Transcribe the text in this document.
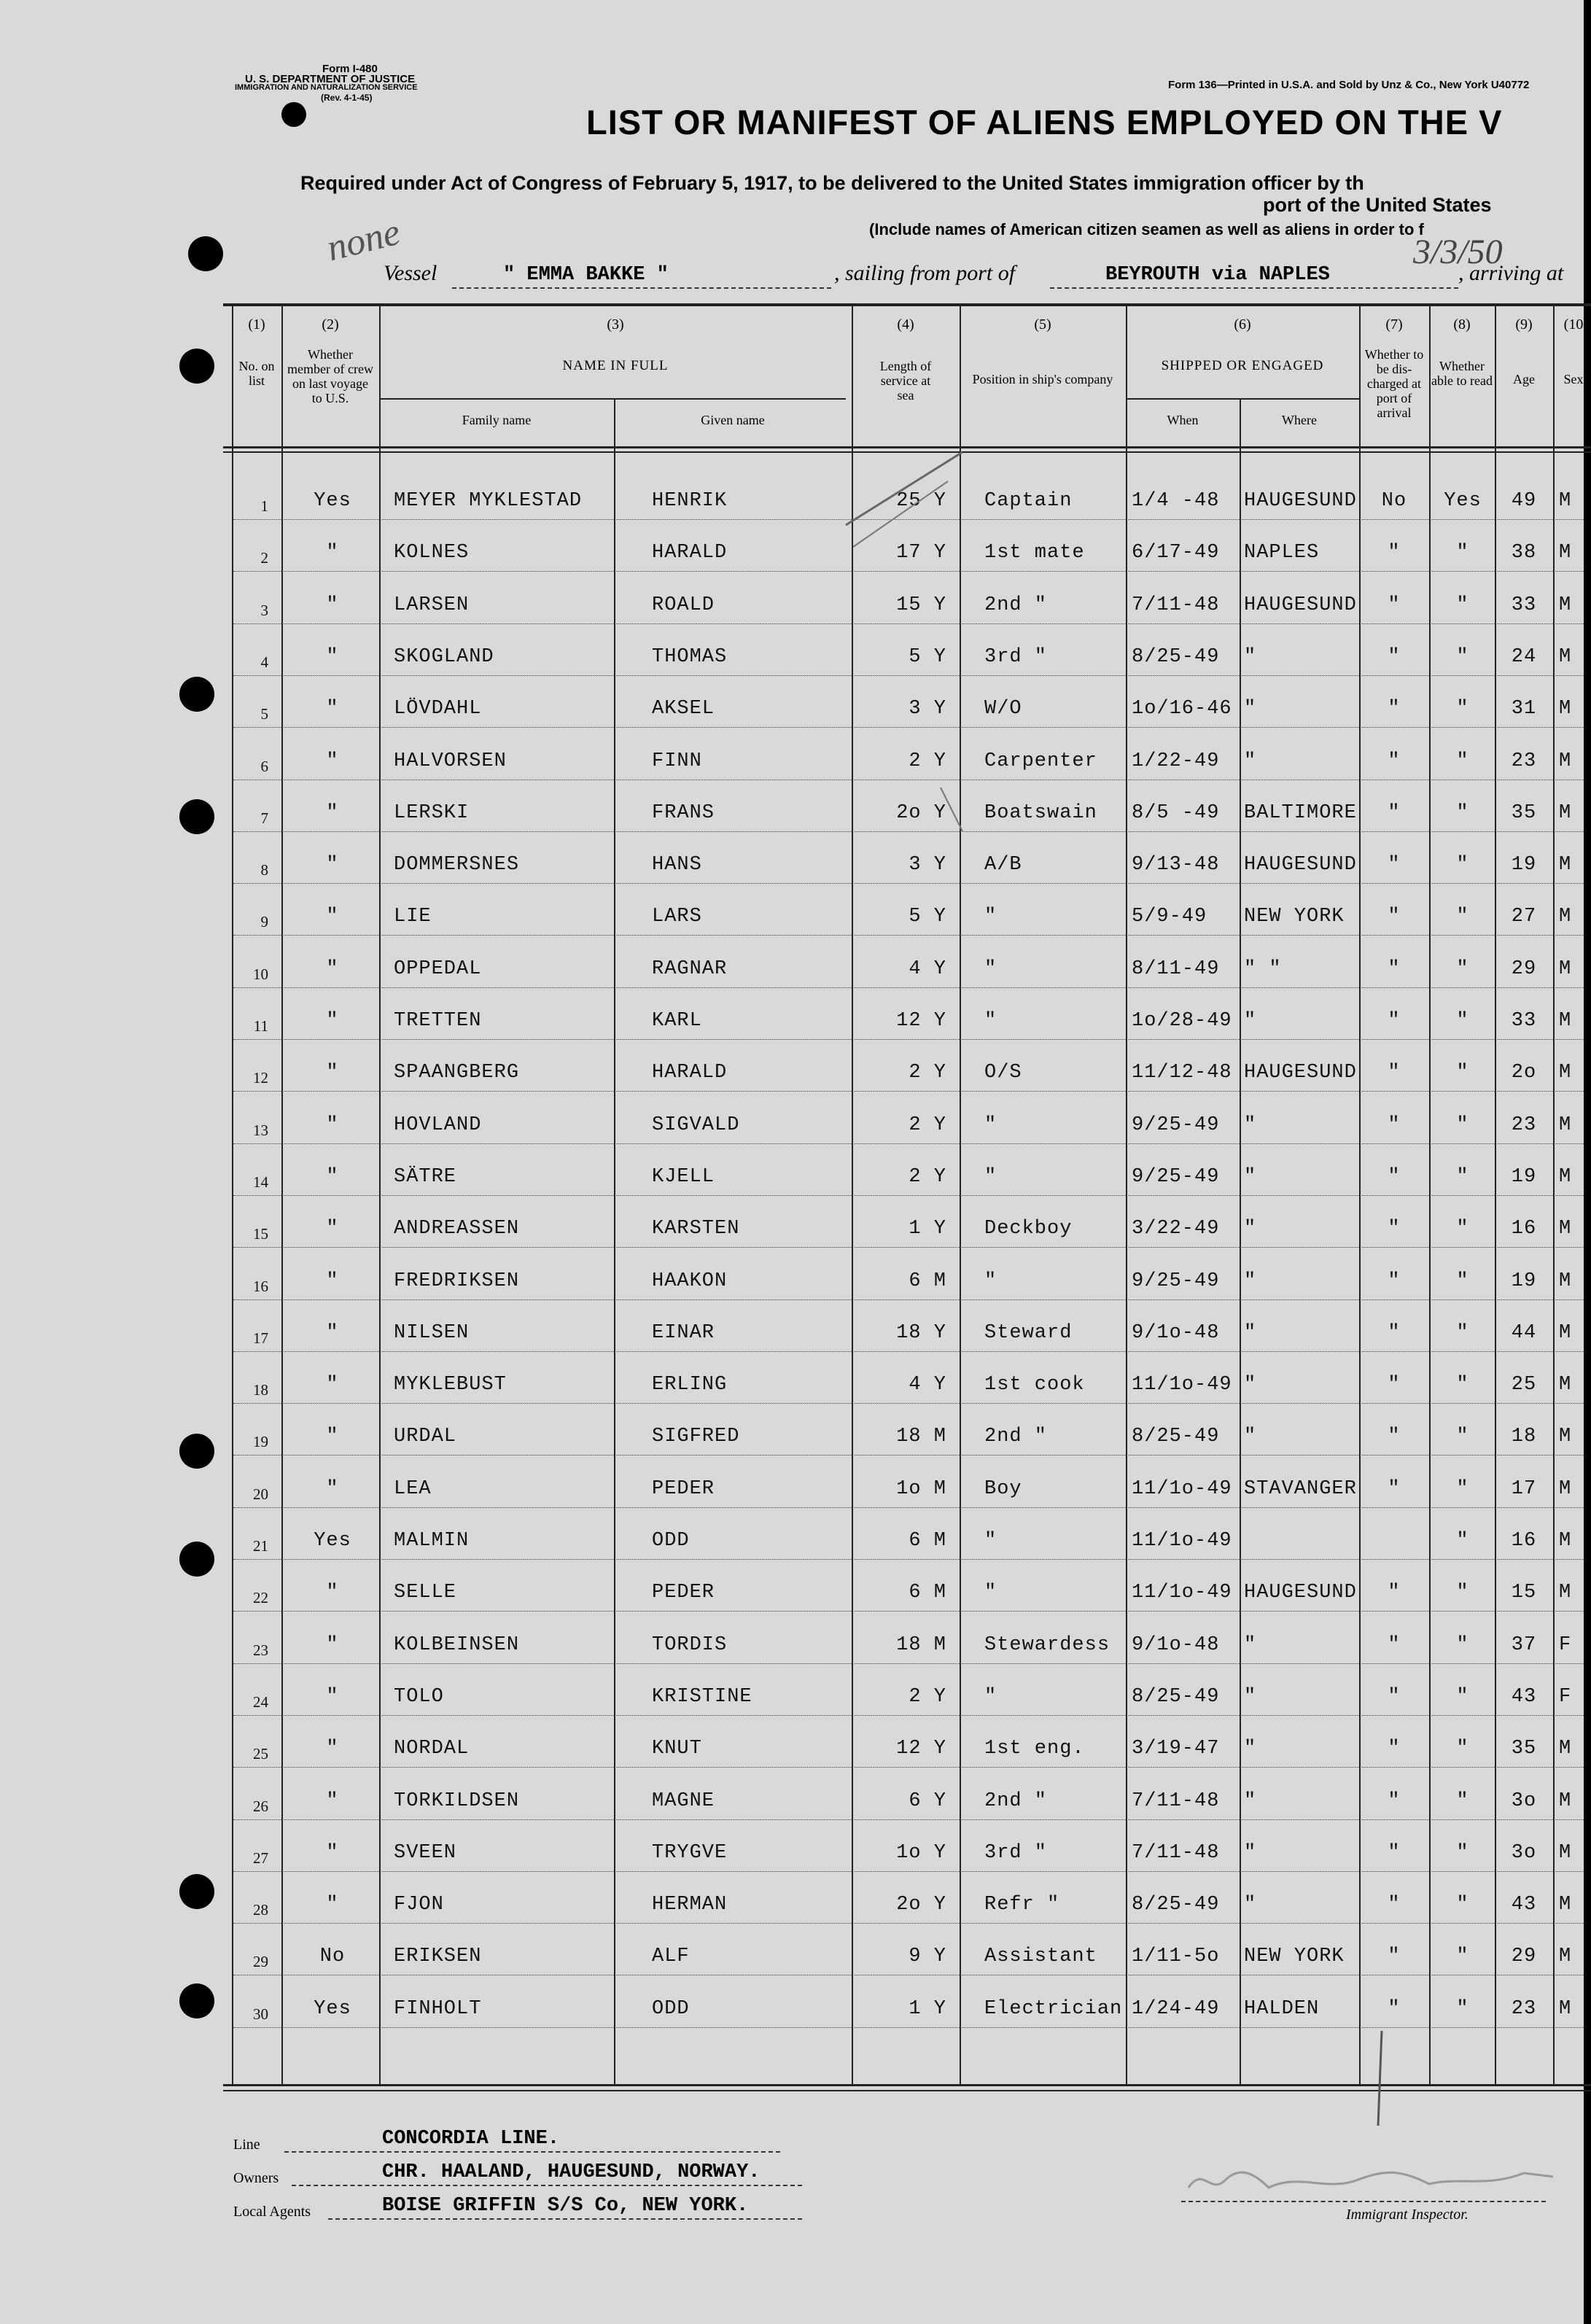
Form I-480
U. S. DEPARTMENT OF JUSTICE
IMMIGRATION AND NATURALIZATION SERVICE
(Rev. 4-1-45)
Form 136—Printed in U.S.A. and Sold by Unz & Co., New York U40772
LIST OR MANIFEST OF ALIENS EMPLOYED ON THE V
Required under Act of Congress of February 5, 1917, to be delivered to the United States immigration officer by th
port of the United States
(Include names of American citizen seamen as well as aliens in order to f
none	3/3/50
Vessel	" EMMA BAKKE "	, sailing from port of	BEYROUTH via NAPLES	, arriving at
(1)	(2)	(3)	(4)	(5)	(6)	(7)	(8)	(9) (10
No. on list
Whether member of crew on last voyage to U.S.
NAME IN FULL
Family name	Given name
Length of service at sea
Position in ship's company
SHIPPED OR ENGAGED
When	Where
Whether to be dis-charged at port of arrival
Whether able to read Age Sex
1 Yes MEYER MYKLESTAD	HENRIK	25 Y Captain	1/4 -48	HAUGESUND	No	Yes	49	M
2	"	KOLNES	HARALD	17 Y 1st mate	6/17-49	NAPLES	"	"	38	M
3	"	LARSEN	ROALD	15 Y 2nd "	7/11-48	HAUGESUND	"	"	33	M
4	"	SKOGLAND	THOMAS	5 Y 3rd "	8/25-49	"	"	"	24	M
5	"	LÖVDAHL	AKSEL	3 Y W/O	1o/16-46 "	"	"	31	M
6	"	HALVORSEN	FINN	2 Y Carpenter	1/22-49	"	"	"	23	M
7	"	LERSKI	FRANS	2o Y Boatswain	8/5 -49	BALTIMORE	"	"	35	M
8	"	DOMMERSNES	HANS	3 Y A/B	9/13-48	HAUGESUND	"	"	19	M
9	"	LIE	LARS	5 Y "	5/9-49	NEW YORK	"	"	27	M
10	"	OPPEDAL	RAGNAR	4 Y "	8/11-49	" "	"	"	29	M
11	"	TRETTEN	KARL	12 Y "	1o/28-49 "	"	"	33	M
12	"	SPAANGBERG	HARALD	2 Y O/S	11/12-48 HAUGESUND	"	"	2o	M
13	"	HOVLAND	SIGVALD	2 Y "	9/25-49	"	"	"	23	M
14	"	SÄTRE	KJELL	2 Y "	9/25-49	"	"	"	19	M
15	"	ANDREASSEN	KARSTEN	1 Y Deckboy	3/22-49	"	"	"	16	M
16	"	FREDRIKSEN	HAAKON	6 M "	9/25-49	"	"	"	19	M
17	"	NILSEN	EINAR	18 Y Steward	9/1o-48	"	"	"	44	M
18	"	MYKLEBUST	ERLING	4 Y 1st cook	11/1o-49 "	"	"	25	M
19	"	URDAL	SIGFRED	18 M 2nd "	8/25-49	"	"	"	18	M
20	"	LEA	PEDER	1o M Boy	11/1o-49 STAVANGER	"	"	17	M
21 Yes MALMIN	ODD	6 M "	11/1o-49	"	16	M
22	"	SELLE	PEDER	6 M "	11/1o-49 HAUGESUND	"	"	15	M
23	"	KOLBEINSEN	TORDIS	18 M Stewardess	9/1o-48	"	"	"	37	F
24	"	TOLO	KRISTINE	2 Y "	8/25-49	"	"	"	43	F
25	"	NORDAL	KNUT	12 Y 1st eng.	3/19-47	"	"	"	35	M
26	"	TORKILDSEN	MAGNE	6 Y 2nd "	7/11-48	"	"	"	3o	M
27	"	SVEEN	TRYGVE	1o Y 3rd "	7/11-48	"	"	"	3o	M
28	"	FJON	HERMAN	2o Y Refr "	8/25-49	"	"	"	43	M
29	No	ERIKSEN	ALF	9 Y Assistant	1/11-5o	NEW YORK	"	"	29	M
30 Yes FINHOLT	ODD	1 Y Electrician 1/24-49	HALDEN	"	"	23	M
Line	CONCORDIA LINE.
Owners	CHR. HAALAND, HAUGESUND, NORWAY.
Local Agents	BOISE GRIFFIN S/S Co, NEW YORK.	Immigrant Inspector.
